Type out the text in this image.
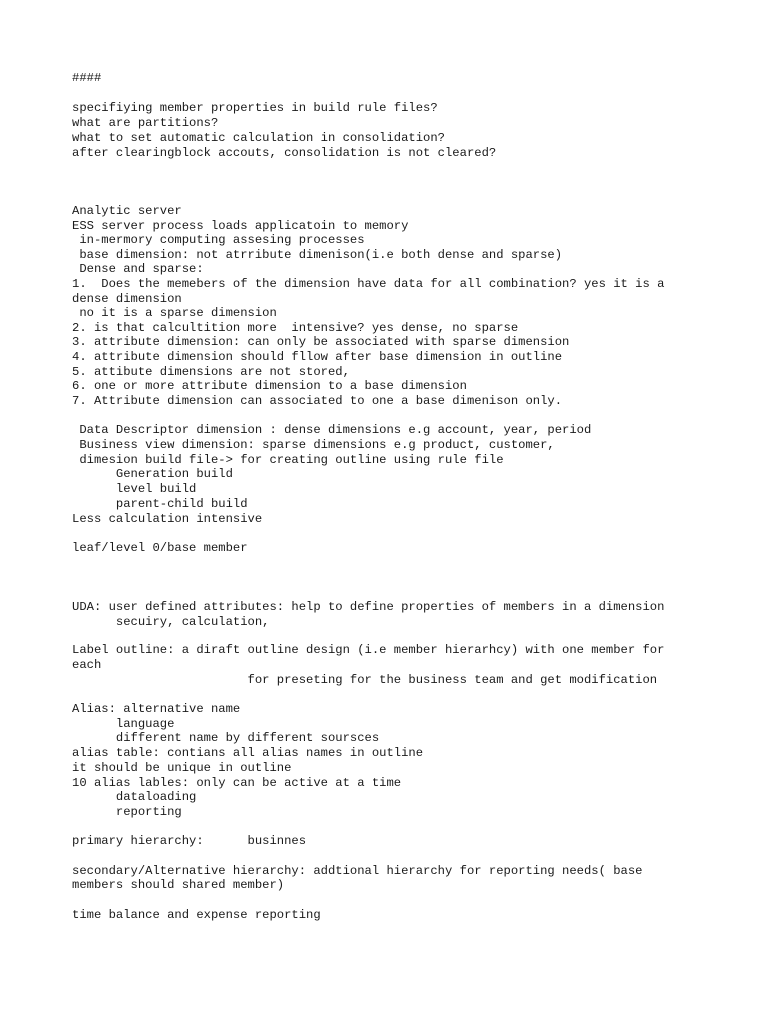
####

specifiying member properties in build rule files?

what are partitions?

what to set automatic calculation in consolidation?

after clearingblock accouts, consolidation is not cleared?

Analytic server

ESS server process loads applicatoin to memory

in-mermory computing assesing processes

base dimension: not atrribute dimenison(i.e both dense and sparse)

Dense and sparse:

1.  Does the memebers of the dimension have data for all combination? yes it is a

dense dimension

no it is a sparse dimension

2. is that calcultition more  intensive? yes dense, no sparse

3. attribute dimension: can only be associated with sparse dimension

4. attribute dimension should fllow after base dimension in outline

5. attibute dimensions are not stored,

6. one or more attribute dimension to a base dimension

7. Attribute dimension can associated to one a base dimenison only.

Data Descriptor dimension : dense dimensions e.g account, year, period

Business view dimension: sparse dimensions e.g product, customer,

dimesion build file-> for creating outline using rule file

Generation build

level build

parent-child build

Less calculation intensive

leaf/level 0/base member

UDA: user defined attributes: help to define properties of members in a dimension

secuiry, calculation,

Label outline: a diraft outline design (i.e member hierarhcy) with one member for

each

for preseting for the business team and get modification

Alias: alternative name

language

different name by different soursces

alias table: contians all alias names in outline

it should be unique in outline

10 alias lables: only can be active at a time

dataloading

reporting

primary hierarchy:      businnes

secondary/Alternative hierarchy: addtional hierarchy for reporting needs( base

members should shared member)

time balance and expense reporting
